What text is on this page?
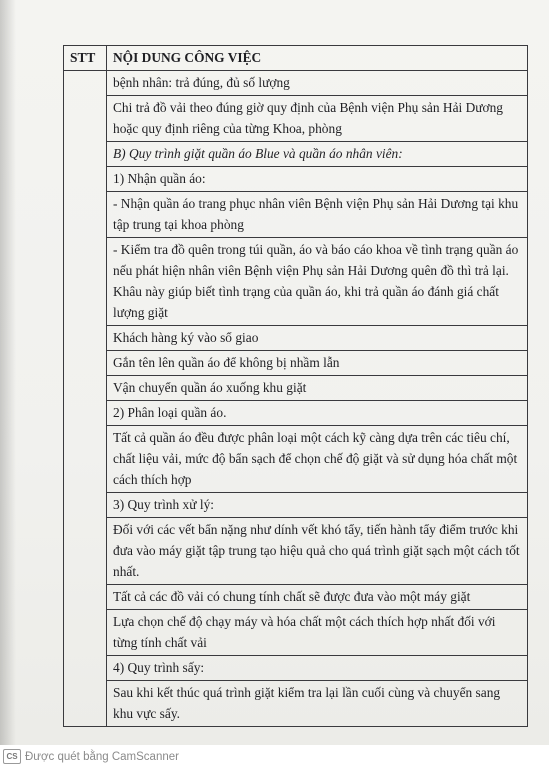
STT	NỘI DUNG CÔNG VIỆC
	bệnh nhân: trả đúng, đủ số lượng
	Chi trả đồ vải theo đúng giờ quy định của Bệnh viện Phụ sản Hải Dương hoặc quy định riêng của từng Khoa, phòng
	B) Quy trình giặt quần áo Blue và quần áo nhân viên:
	1) Nhận quần áo:
	- Nhận quần áo trang phục nhân viên Bệnh viện Phụ sản Hải Dương tại khu tập trung tại khoa phòng
	- Kiểm tra đồ quên trong túi quần, áo và báo cáo khoa về tình trạng quần áo nếu phát hiện nhân viên Bệnh viện Phụ sản Hải Dương quên đồ thì trả lại. Khâu này giúp biết tình trạng của quần áo, khi trả quần áo đánh giá chất lượng giặt
	Khách hàng ký vào sổ giao
	Gắn tên lên quần áo để không bị nhầm lẫn
	Vận chuyển quần áo xuống khu giặt
	2) Phân loại quần áo.
	Tất cả quần áo đều được phân loại một cách kỹ càng dựa trên các tiêu chí, chất liệu vải, mức độ bẩn sạch để chọn chế độ giặt và sử dụng hóa chất một cách thích hợp
	3) Quy trình xử lý:
	Đối với các vết bẩn nặng như dính vết khó tẩy, tiến hành tẩy điểm trước khi đưa vào máy giặt tập trung tạo hiệu quả cho quá trình giặt sạch một cách tốt nhất.
	Tất cả các đồ vải có chung tính chất sẽ được đưa vào một máy giặt
	Lựa chọn chế độ chạy máy và hóa chất một cách thích hợp nhất đối với từng tính chất vải
	4) Quy trình sấy:
	Sau khi kết thúc quá trình giặt kiểm tra lại lần cuối cùng và chuyển sang khu vực sấy.
CS Được quét bằng CamScanner
